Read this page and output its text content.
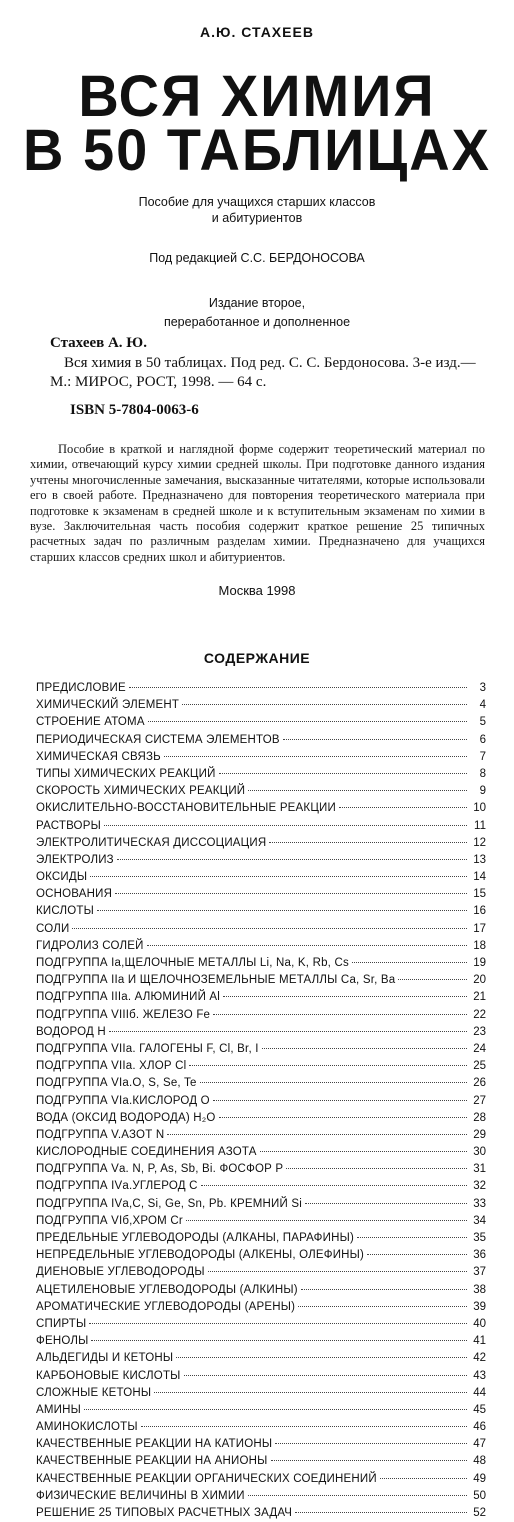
А.Ю. СТАХЕЕВ
ВСЯ ХИМИЯ
В 50 ТАБЛИЦАХ
Пособие для учащихся старших классов
и абитуриентов
Под редакцией С.С. БЕРДОНОСОВА
Издание второе,
переработанное и дополненное
Стахеев А. Ю.
Вся химия в 50 таблицах. Под ред. С. С. Бердоносова. 3-е изд.—
М.: МИРОС, РОСТ, 1998. — 64 с.
ISBN 5-7804-0063-6
Пособие в краткой и наглядной форме содержит теоретический материал по химии, отвечающий курсу химии средней школы. При подготовке данного издания учтены многочисленные замечания, высказанные читателями, которые использовали его в своей работе. Предназначено для повторения теоретического материала при подготовке к экзаменам в средней школе и к вступительным экзаменам по химии в вузе. Заключительная часть пособия содержит краткое решение 25 типичных расчетных задач по различным разделам химии. Предназначено для учащихся старших классов средних школ и абитуриентов.
Москва 1998
СОДЕРЖАНИЕ
ПРЕДИСЛОВИЕ	3
ХИМИЧЕСКИЙ ЭЛЕМЕНТ	4
СТРОЕНИЕ АТОМА	5
ПЕРИОДИЧЕСКАЯ СИСТЕМА ЭЛЕМЕНТОВ	6
ХИМИЧЕСКАЯ СВЯЗЬ	7
ТИПЫ ХИМИЧЕСКИХ РЕАКЦИЙ	8
СКОРОСТЬ ХИМИЧЕСКИХ РЕАКЦИЙ	9
ОКИСЛИТЕЛЬНО-ВОССТАНОВИТЕЛЬНЫЕ РЕАКЦИИ	10
РАСТВОРЫ	11
ЭЛЕКТРОЛИТИЧЕСКАЯ ДИССОЦИАЦИЯ	12
ЭЛЕКТРОЛИЗ	13
ОКСИДЫ	14
ОСНОВАНИЯ	15
КИСЛОТЫ	16
СОЛИ	17
ГИДРОЛИЗ СОЛЕЙ	18
ПОДГРУППА Iа,ЩЕЛОЧНЫЕ МЕТАЛЛЫ Li, Na, K, Rb, Cs	19
ПОДГРУППА IIа И ЩЕЛОЧНОЗЕМЕЛЬНЫЕ МЕТАЛЛЫ Ca, Sr, Ba	20
ПОДГРУППА IIIа. АЛЮМИНИЙ Al	21
ПОДГРУППА VIIIб. ЖЕЛЕЗО Fe	22
ВОДОРОД Н	23
ПОДГРУППА VIIа. ГАЛОГЕНЫ F, Cl, Br, I	24
ПОДГРУППА VIIа. ХЛОР Cl	25
ПОДГРУППА VIа.O, S, Se, Te	26
ПОДГРУППА VIа.КИСЛОРОД O	27
ВОДА (ОКСИД ВОДОРОДА) H₂O	28
ПОДГРУППА V.АЗОТ N	29
КИСЛОРОДНЫЕ СОЕДИНЕНИЯ АЗОТА	30
ПОДГРУППА Vа. N, P, As, Sb, Bi. ФОСФОР Р	31
ПОДГРУППА IVа.УГЛЕРОД С	32
ПОДГРУППА IVа,C, Si, Ge, Sn, Pb. КРЕМНИЙ Si	33
ПОДГРУППА VIб,ХРОМ Cr	34
ПРЕДЕЛЬНЫЕ УГЛЕВОДОРОДЫ (АЛКАНЫ, ПАРАФИНЫ)	35
НЕПРЕДЕЛЬНЫЕ УГЛЕВОДОРОДЫ (АЛКЕНЫ, ОЛЕФИНЫ)	36
ДИЕНОВЫЕ УГЛЕВОДОРОДЫ	37
АЦЕТИЛЕНОВЫЕ УГЛЕВОДОРОДЫ (АЛКИНЫ)	38
АРОМАТИЧЕСКИЕ УГЛЕВОДОРОДЫ (АРЕНЫ)	39
СПИРТЫ	40
ФЕНОЛЫ	41
АЛЬДЕГИДЫ И КЕТОНЫ	42
КАРБОНОВЫЕ КИСЛОТЫ	43
СЛОЖНЫЕ КЕТОНЫ	44
АМИНЫ	45
АМИНОКИСЛОТЫ	46
КАЧЕСТВЕННЫЕ РЕАКЦИИ НА КАТИОНЫ	47
КАЧЕСТВЕННЫЕ РЕАКЦИИ НА АНИОНЫ	48
КАЧЕСТВЕННЫЕ РЕАКЦИИ ОРГАНИЧЕСКИХ СОЕДИНЕНИЙ	49
ФИЗИЧЕСКИЕ ВЕЛИЧИНЫ В ХИМИИ	50
РЕШЕНИЕ 25 ТИПОВЫХ РАСЧЕТНЫХ ЗАДАЧ	52
